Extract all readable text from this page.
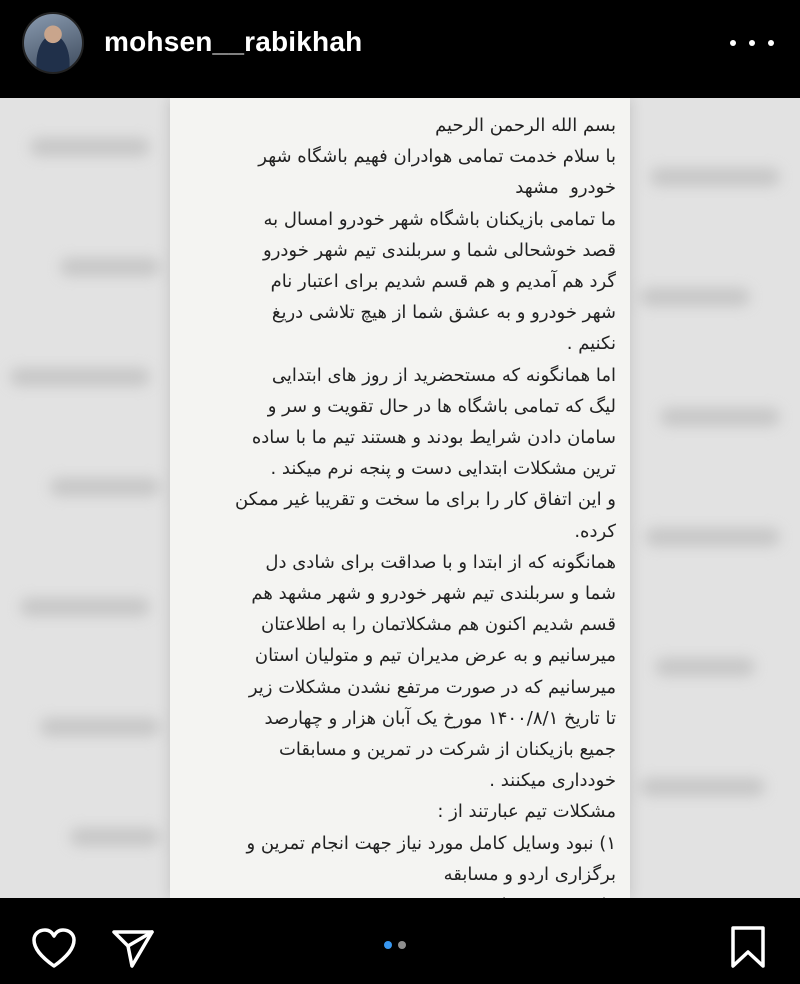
mohsen__rabikhah
بسم الله الرحمن الرحيم
با سلام خدمت تمامی هوادران فهیم باشگاه شهر
خودرو  مشهد
ما تمامی بازیکنان باشگاه شهر خودرو امسال به
قصد خوشحالی شما و سربلندی تیم شهر خودرو
گرد هم آمدیم و هم قسم شدیم برای اعتبار نام
شهر خودرو و به عشق شما از هیچ تلاشی دریغ
نکنیم .
اما همانگونه که مستحضرید از روز های ابتدایی
لیگ که تمامی باشگاه ها در حال تقویت و سر و
سامان دادن شرایط بودند و هستند تیم ما با ساده
ترین مشکلات ابتدایی دست و پنجه نرم میکند .
و این اتفاق کار را برای ما سخت و تقریبا غیر ممکن
کرده.
همانگونه که از ابتدا و با صداقت برای شادی دل
شما و سربلندی تیم شهر خودرو و شهر مشهد هم
قسم شدیم اکنون هم مشکلاتمان را به اطلاعتان
میرسانیم و به عرض مدیران تیم و متولیان استان
میرسانیم که در صورت مرتفع نشدن مشکلات زیر
تا تاریخ ۱۴۰۰/۸/۱ مورخ یک آبان هزار و چهارصد
جمیع بازیکنان از شرکت در تمرین و مسابقات
خودداری میکنند .
مشکلات تیم عبارتند از :
۱) نبود وسایل کامل مورد نیاز جهت انجام تمرین و
برگزاری اردو و مسابقه
